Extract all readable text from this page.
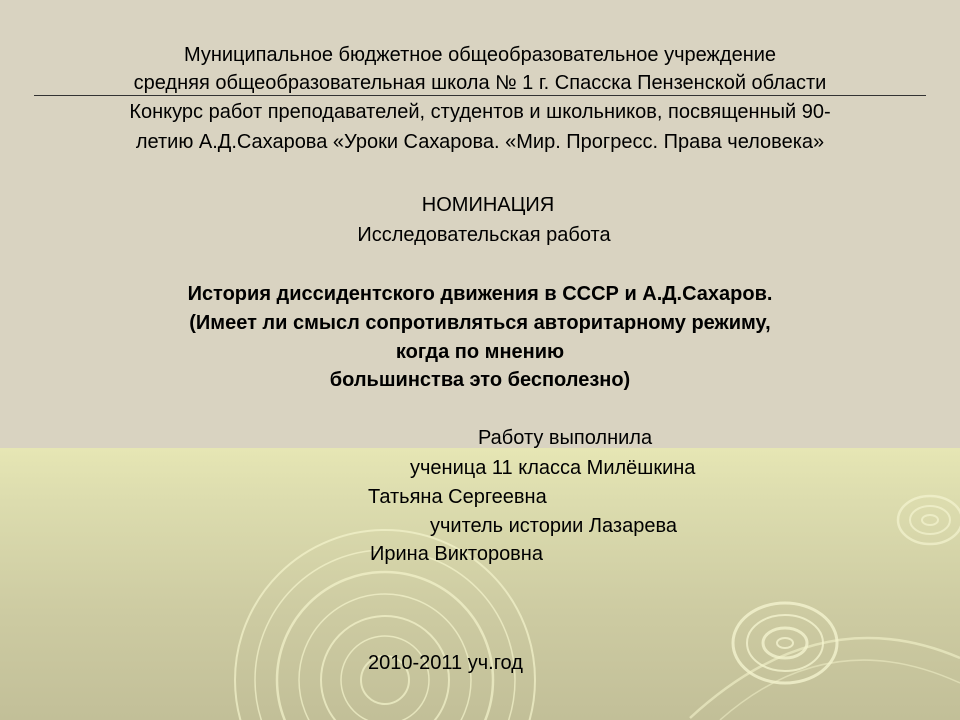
Муниципальное бюджетное общеобразовательное учреждение
средняя общеобразовательная школа № 1 г. Спасска Пензенской области
Конкурс работ преподавателей, студентов и школьников, посвященный 90-
летию А.Д.Сахарова «Уроки Сахарова. «Мир. Прогресс. Права человека»
НОМИНАЦИЯ
Исследовательская работа
История диссидентского движения в СССР и А.Д.Сахаров.
(Имеет ли смысл сопротивляться авторитарному режиму,
когда по мнению
большинства это бесполезно)
Работу выполнила
ученица 11 класса Милёшкина
Татьяна Сергеевна
учитель истории Лазарева
Ирина Викторовна
2010-2011 уч.год
